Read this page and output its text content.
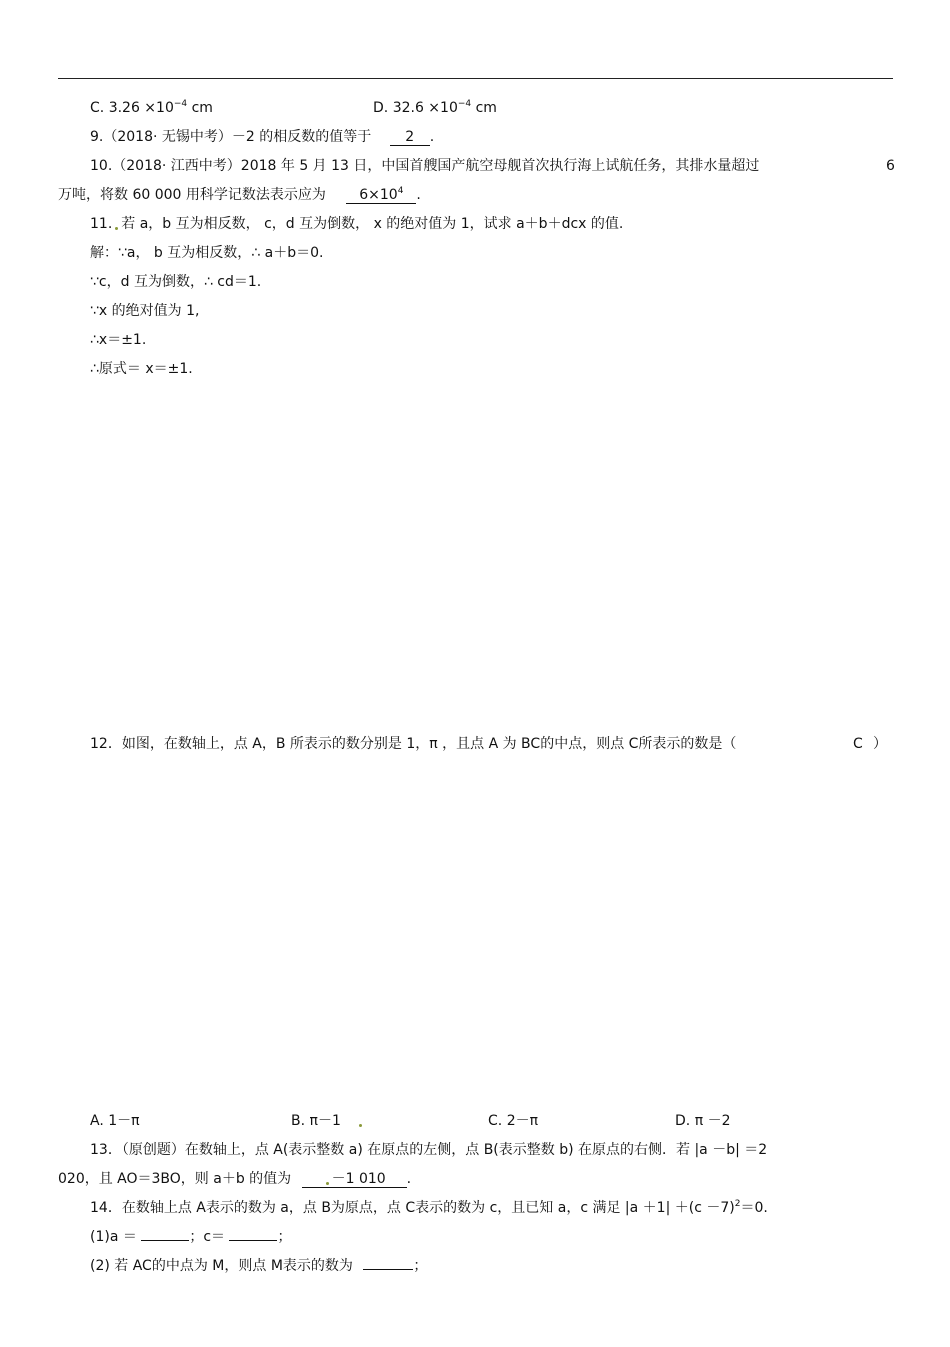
C. $3.26 \times 10^{-4}$ cm	D. $32.6 \times 10^{-4}$ cm
9.（2018· 无锡中考）－2 的相反数的值等于 2 .
10.（2018· 江西中考）2018 年 5 月 13 日，中国首艘国产航空母舰首次执行海上试航任务，其排水量超过	6
万吨，将数 60 000 用科学记数法表示应为 $6\times 10^4$ .
11. 若 a，b 互为相反数， c，d 互为倒数， x 的绝对值为 1，试求 a＋b＋dcx 的值.
解：∵a， b 互为相反数，∴ a＋b＝0.
∵c，d 互为倒数，∴ cd＝1.
∵x 的绝对值为 1,
∴x＝±1.
∴原式＝ x＝±1.
12．如图，在数轴上，点 A，B 所表示的数分别是 1，π ，且点 A 为 BC的中点，则点 C所表示的数是（	C ）
A. 1－π	B. π－1	C. 2－π	D. π －2
13．（原创题）在数轴上，点 A(表示整数 a) 在原点的左侧，点 B(表示整数 b) 在原点的右侧．若 |a －b| ＝2
020，且 AO＝3BO，则 a＋b 的值为	－1 010 .
14．在数轴上点 A表示的数为 a，点 B为原点，点 C表示的数为 c，且已知 a，c 满足 $|a +1| +(c -7)^2=0$.
(1)a ＝	；c＝	；
(2) 若 AC的中点为 M，则点 M表示的数为	；
